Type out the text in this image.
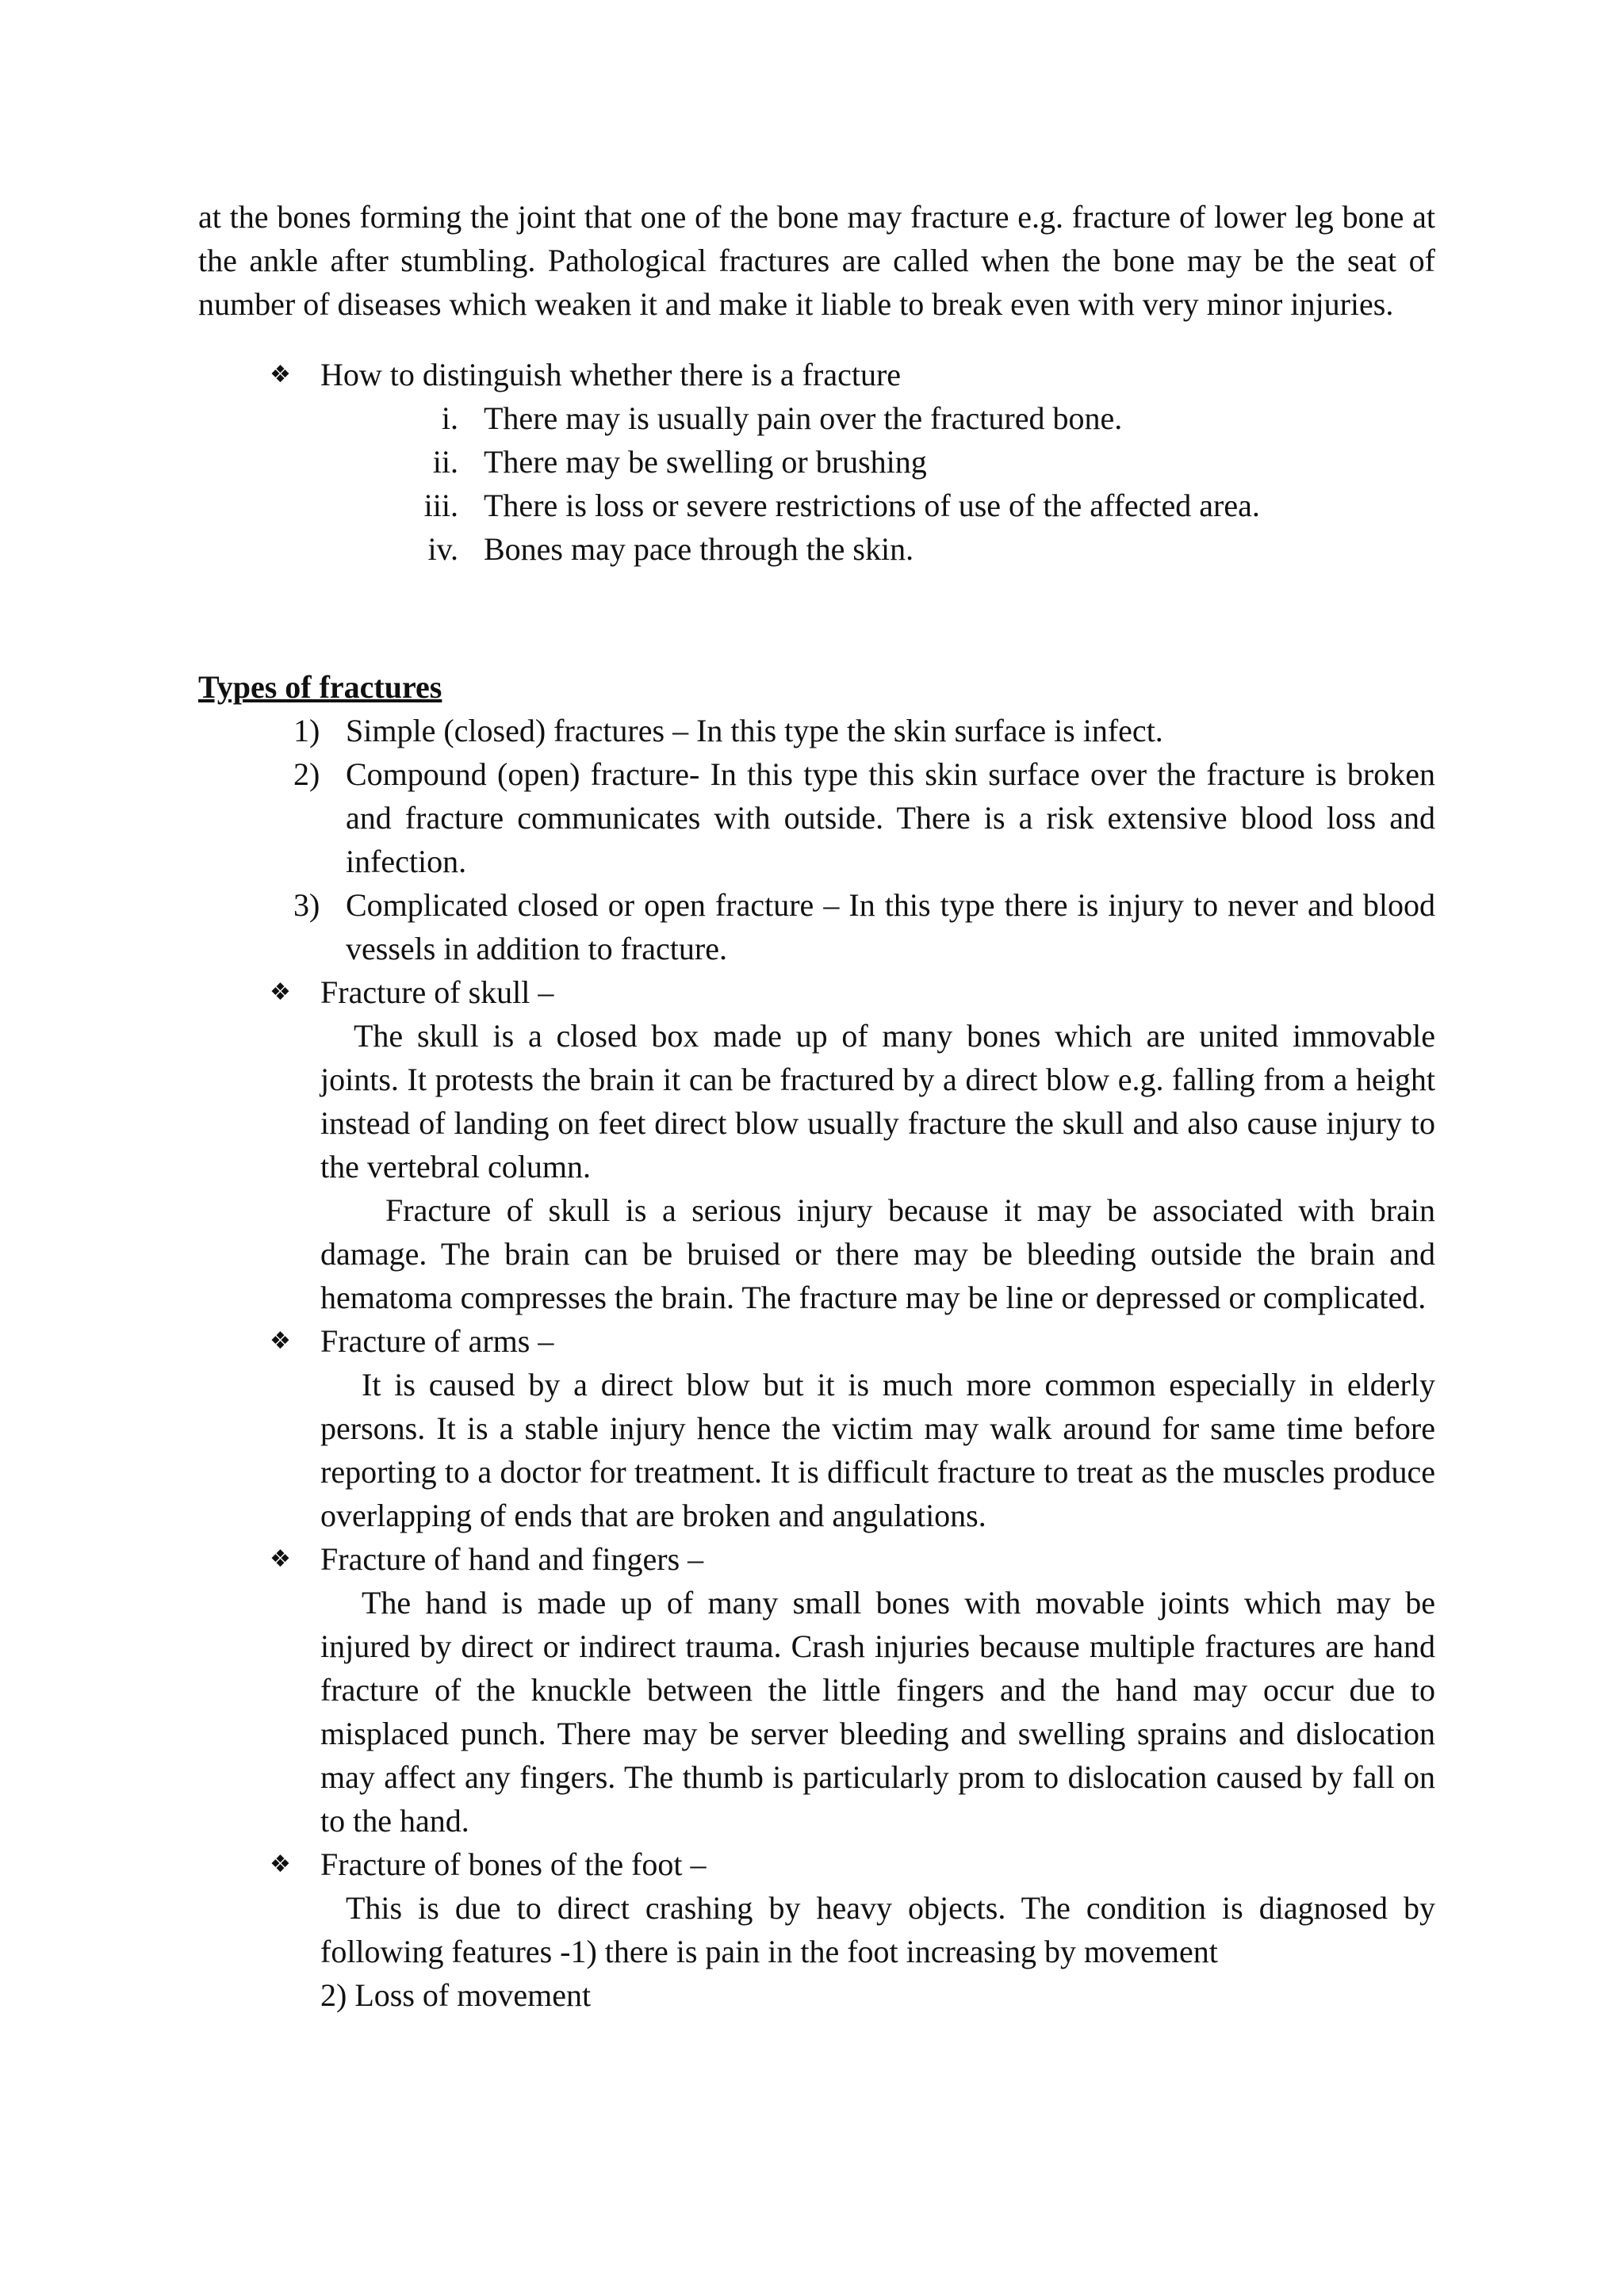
at the bones forming the joint that one of the bone may fracture e.g. fracture of lower leg bone at the ankle after stumbling. Pathological fractures are called when the bone may be the seat of number of diseases which weaken it and make it liable to break even with very minor injuries.

❖ How to distinguish whether there is a fracture
i. There may is usually pain over the fractured bone.
ii. There may be swelling or brushing
iii. There is loss or severe restrictions of use of the affected area.
iv. Bones may pace through the skin.

Types of fractures

1) Simple (closed) fractures – In this type the skin surface is infect.
2) Compound (open) fracture- In this type this skin surface over the fracture is broken and fracture communicates with outside. There is a risk extensive blood loss and infection.
3) Complicated closed or open fracture – In this type there is injury to never and blood vessels in addition to fracture.
❖ Fracture of skull –

The skull is a closed box made up of many bones which are united immovable joints. It protests the brain it can be fractured by a direct blow e.g. falling from a height instead of landing on feet direct blow usually fracture the skull and also cause injury to the vertebral column.

Fracture of skull is a serious injury because it may be associated with brain damage. The brain can be bruised or there may be bleeding outside the brain and hematoma compresses the brain. The fracture may be line or depressed or complicated.

❖ Fracture of arms –

It is caused by a direct blow but it is much more common especially in elderly persons. It is a stable injury hence the victim may walk around for same time before reporting to a doctor for treatment. It is difficult fracture to treat as the muscles produce overlapping of ends that are broken and angulations.

❖ Fracture of hand and fingers –

The hand is made up of many small bones with movable joints which may be injured by direct or indirect trauma. Crash injuries because multiple fractures are hand fracture of the knuckle between the little fingers and the hand may occur due to misplaced punch. There may be server bleeding and swelling sprains and dislocation may affect any fingers. The thumb is particularly prom to dislocation caused by fall on to the hand.

❖ Fracture of bones of the foot –

This is due to direct crashing by heavy objects. The condition is diagnosed by following features -1) there is pain in the foot increasing by movement

2) Loss of movement
